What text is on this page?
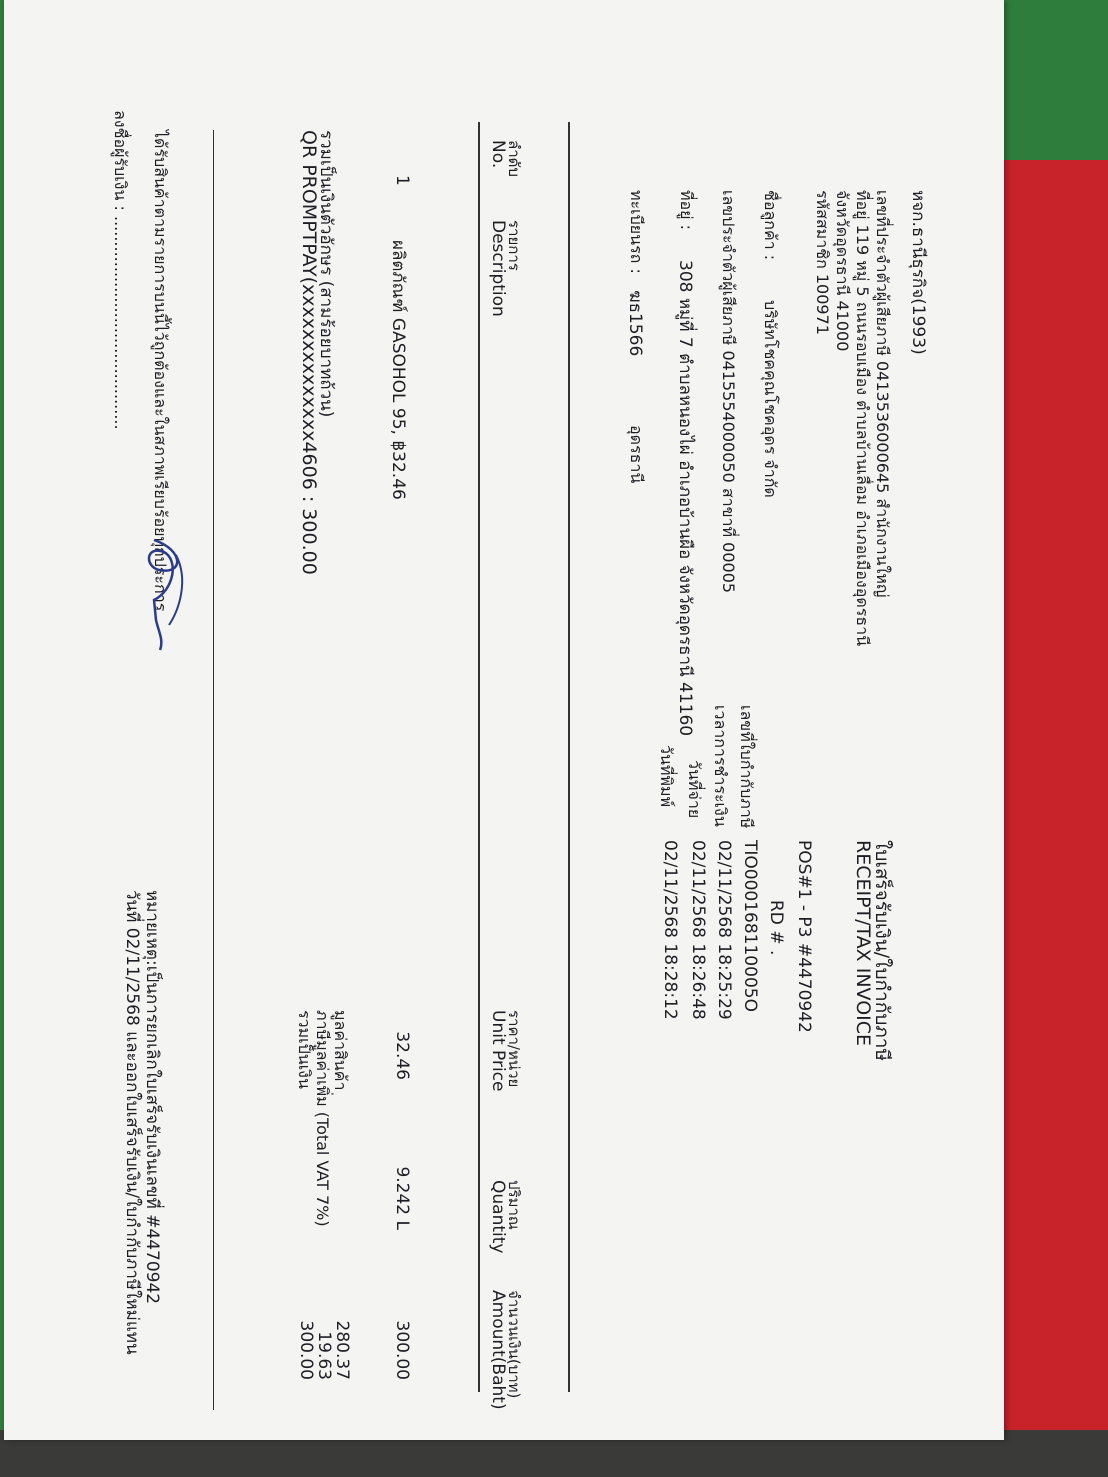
หจก.ธานีธุรกิจ(1993)
เลขที่ประจำตัวผู้เสียภาษี 0413536000645 สำนักงานใหญ่
ที่อยู่ 119 หมู่ 5 ถนนรอบเมือง ตำบลบ้านเลื่อม อำเภอเมืองอุดรธานี
จังหวัดอุดรธานี 41000
รหัสสมาชิก 100971
ใบเสร็จรับเงิน/ใบกำกับภาษี
RECEIPT/TAX INVOICE
POS#1 - P3 #4470942
RD #
.
เลขที่ใบกำกับภาษี
TIO000168110005O
เวลาการชำระเงิน
02/11/2568 18:25:29
วันที่จ่าย
02/11/2568 18:26:48
วันที่พิมพ์
02/11/2568 18:28:12
ชื่อลูกค้า :
บริษัทโชคคุณโชคอุดร จำกัด
เลขประจำตัวผู้เสียภาษี 0415554000050 สาขาที่ 00005
ที่อยู่ :
308 หมู่ที่ 7 ตำบลหนองไผ่ อำเภอบ้านผือ จังหวัดอุดรธานี 41160
ทะเบียนรถ :
ฆธ1566
อุดรธานี
ลำดับ
No.
รายการ
Description
ราคา/หน่วย
Unit Price
ปริมาณ
Quantity
จำนวนเงิน(บาท)
Amount(Baht)
1
ผลิตภัณฑ์ GASOHOL 95, ฿32.46
32.46
9.242 L
300.00
มูลค่าสินค้า
280.37
ภาษีมูลค่าเพิ่ม (Total VAT 7%)
19.63
รวมเป็นเงิน
300.00
รวมเป็นเงินตัวอักษร (สามร้อยบาทถ้วน)
QR PROMPTPAY(xxxxxxxxxxxxxx4606 : 300.00
ได้รับสินค้าตามรายการบนนี้ไว้ถูกต้องและในสภาพเรียบร้อยทุกประการ
ลงชื่อผู้รับเงิน : ..........................................
หมายเหตุ:เป็นการยกเลิกใบเสร็จรับเงินเลขที่ #4470942
วันที่ 02/11/2568 และออกใบเสร็จรับเงิน/ใบกำกับภาษีใหม่แทน
